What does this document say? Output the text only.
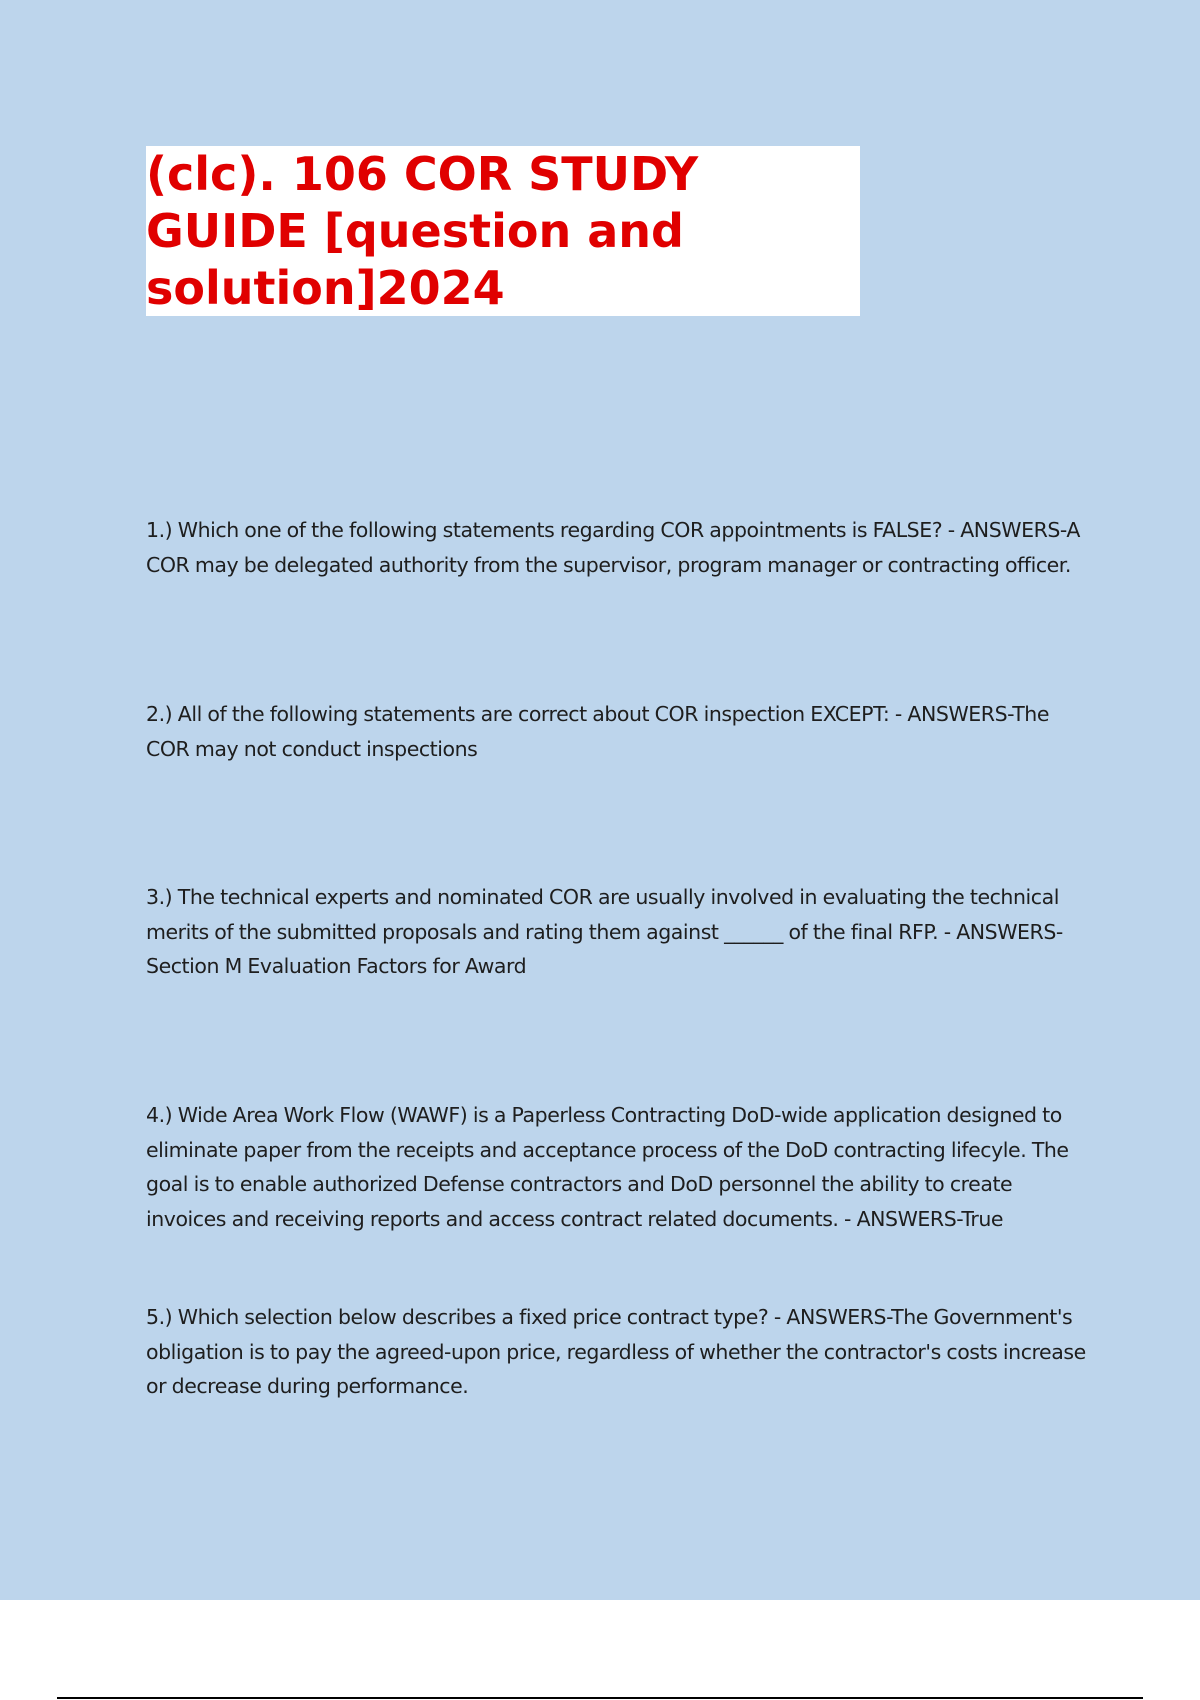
(clc). 106 COR STUDY
GUIDE [question and
solution]2024

1.) Which one of the following statements regarding COR appointments is FALSE? - ANSWERS-A COR may be delegated authority from the supervisor, program manager or contracting officer.

2.) All of the following statements are correct about COR inspection EXCEPT: - ANSWERS-The COR may not conduct inspections

3.) The technical experts and nominated COR are usually involved in evaluating the technical merits of the submitted proposals and rating them against ______ of the final RFP. - ANSWERS-Section M Evaluation Factors for Award

4.) Wide Area Work Flow (WAWF) is a Paperless Contracting DoD-wide application designed to eliminate paper from the receipts and acceptance process of the DoD contracting lifecyle. The goal is to enable authorized Defense contractors and DoD personnel the ability to create invoices and receiving reports and access contract related documents. - ANSWERS-True

5.) Which selection below describes a fixed price contract type? - ANSWERS-The Government's obligation is to pay the agreed-upon price, regardless of whether the contractor's costs increase or decrease during performance.
